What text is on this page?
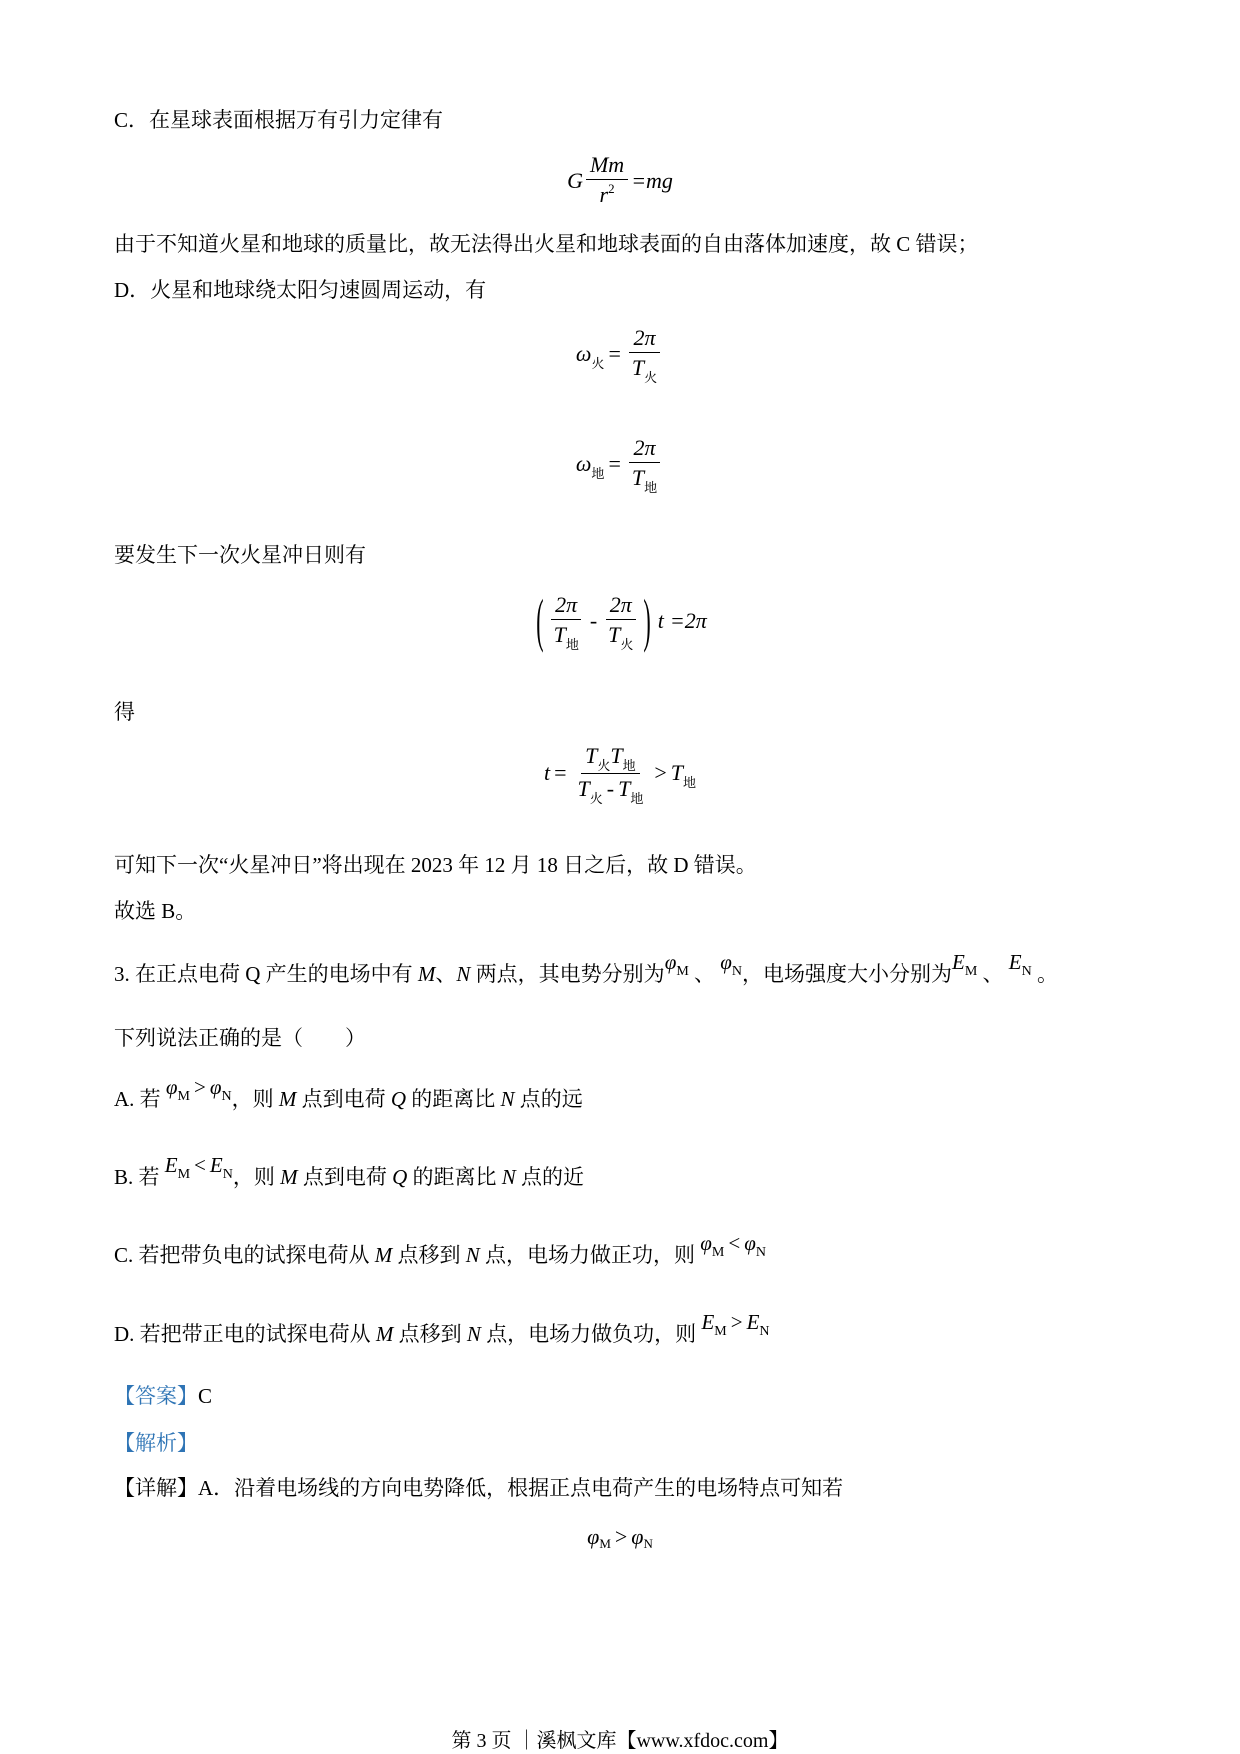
C．在星球表面根据万有引力定律有
G $\frac{Mm}{r^2} =mg$
由于不知道火星和地球的质量比，故无法得出火星和地球表面的自由落体加速度，故 C 错误；
D．火星和地球绕太阳匀速圆周运动，有
$\omega_火 = \frac{2\pi}{T_火}$
$\omega_地 = \frac{2\pi}{T_地}$
要发生下一次火星冲日则有
( $\frac{2\pi}{T_地} - \frac{2\pi}{T_火}$ ) t =2π
得
$t = \frac{T_火T_地}{T_火 - T_地} > T_地$
可知下一次“火星冲日”将出现在 2023 年 12 月 18 日之后，故 D 错误。
故选 B。
3. 在正点电荷 Q 产生的电场中有 M、N 两点，其电势分别为$\varphi_M$ 、 $\varphi_N$，电场强度大小分别为$E_M$ 、 $E_N$ 。
下列说法正确的是（　　）
A. 若 $\varphi_M > \varphi_N$，则 M 点到电荷 Q 的距离比 N 点的远
B. 若 $E_M < E_N$，则 M 点到电荷 Q 的距离比 N 点的近
C. 若把带负电的试探电荷从 M 点移到 N 点，电场力做正功，则 $\varphi_M < \varphi_N$
D. 若把带正电的试探电荷从 M 点移到 N 点，电场力做负功，则 $E_M > E_N$
【答案】C
【解析】
【详解】A．沿着电场线的方向电势降低，根据正点电荷产生的电场特点可知若
φ M > φ N
第 3 页 ｜溪枫文库【www.xfdoc.com】
